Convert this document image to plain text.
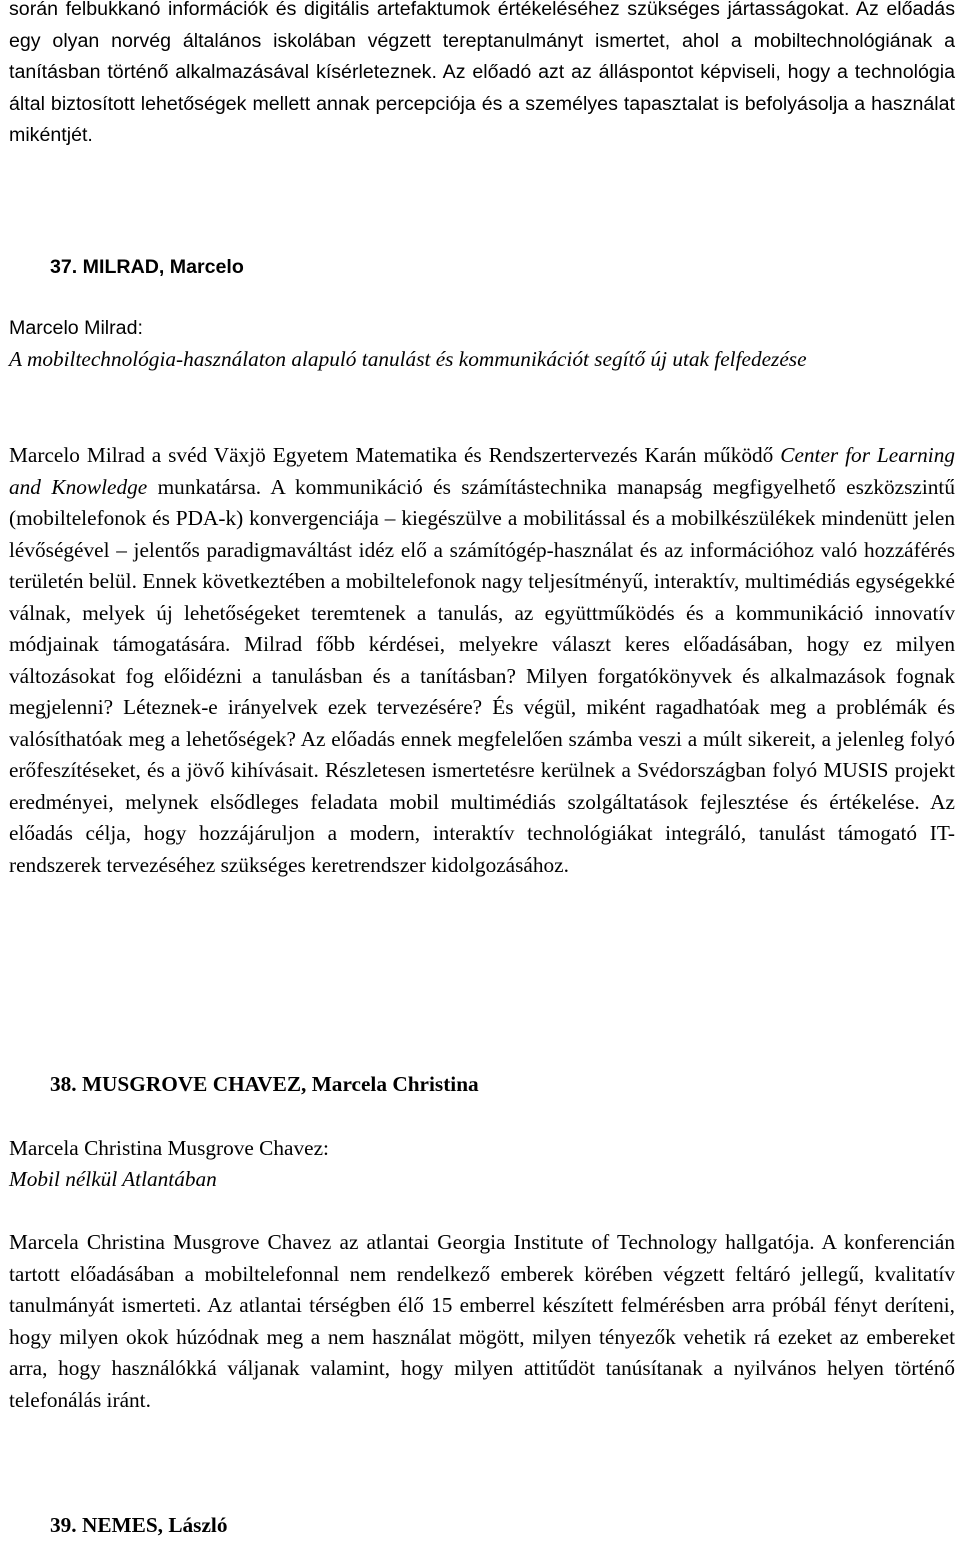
során felbukkanó információk és digitális artefaktumok értékeléséhez szükséges jártasságokat. Az előadás egy olyan norvég általános iskolában végzett tereptanulmányt ismertet, ahol a mobiltechnológiának a tanításban történő alkalmazásával kísérleteznek. Az előadó azt az álláspontot képviseli, hogy a technológia által biztosított lehetőségek mellett annak percepciója és a személyes tapasztalat is befolyásolja a használat mikéntjét.

37. MILRAD, Marcelo

Marcelo Milrad:

A mobiltechnológia-használaton alapuló tanulást és kommunikációt segítő új utak felfedezése

Marcelo Milrad a svéd Växjö Egyetem Matematika és Rendszertervezés Karán működő Center for Learning and Knowledge munkatársa. A kommunikáció és számítástechnika manapság megfigyelhető eszközszintű (mobiltelefonok és PDA-k) konvergenciája – kiegészülve a mobilitással és a mobilkészülékek mindenütt jelen lévőségével – jelentős paradigmaváltást idéz elő a számítógép-használat és az információhoz való hozzáférés területén belül. Ennek következtében a mobiltelefonok nagy teljesítményű, interaktív, multimédiás egységekké válnak, melyek új lehetőségeket teremtenek a tanulás, az együttműködés és a kommunikáció innovatív módjainak támogatására. Milrad főbb kérdései, melyekre választ keres előadásában, hogy ez milyen változásokat fog előidézni a tanulásban és a tanításban? Milyen forgatókönyvek és alkalmazások fognak megjelenni? Léteznek-e irányelvek ezek tervezésére? És végül, miként ragadhatóak meg a problémák és valósíthatóak meg a lehetőségek? Az előadás ennek megfelelően számba veszi a múlt sikereit, a jelenleg folyó erőfeszítéseket, és a jövő kihívásait. Részletesen ismertetésre kerülnek a Svédországban folyó MUSIS projekt eredményei, melynek elsődleges feladata mobil multimédiás szolgáltatások fejlesztése és értékelése. Az előadás célja, hogy hozzájáruljon a modern, interaktív technológiákat integráló, tanulást támogató IT-rendszerek tervezéséhez szükséges keretrendszer kidolgozásához.

38. MUSGROVE CHAVEZ, Marcela Christina

Marcela Christina Musgrove Chavez:

Mobil nélkül Atlantában

Marcela Christina Musgrove Chavez az atlantai Georgia Institute of Technology hallgatója. A konferencián tartott előadásában a mobiltelefonnal nem rendelkező emberek körében végzett feltáró jellegű, kvalitatív tanulmányát ismerteti. Az atlantai térségben élő 15 emberrel készített felmérésben arra próbál fényt deríteni, hogy milyen okok húzódnak meg a nem használat mögött, milyen tényezők vehetik rá ezeket az embereket arra, hogy használókká váljanak valamint, hogy milyen attitűdöt tanúsítanak a nyilvános helyen történő telefonálás iránt.

39. NEMES, László
